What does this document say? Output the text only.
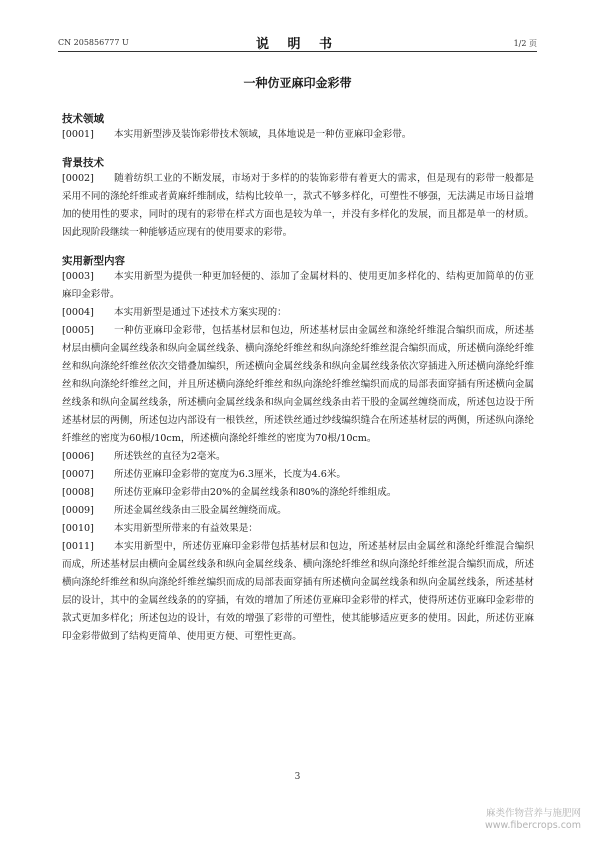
CN 205856777 U	说 明 书	1/2 页
一种仿亚麻印金彩带

技术领域

[0001] 本实用新型涉及装饰彩带技术领域，具体地说是一种仿亚麻印金彩带。

背景技术

[0002] 随着纺织工业的不断发展，市场对于多样的的装饰彩带有着更大的需求，但是现有的彩带一般都是采用不同的涤纶纤维或者黄麻纤维制成，结构比较单一，款式不够多样化，可塑性不够强，无法满足市场日益增加的使用性的要求，同时的现有的彩带在样式方面也是较为单一，并没有多样化的发展，而且都是单一的材质。因此现阶段继续一种能够适应现有的使用要求的彩带。

实用新型内容

[0003] 本实用新型为提供一种更加轻便的、添加了金属材料的、使用更加多样化的、结构更加简单的仿亚麻印金彩带。

[0004] 本实用新型是通过下述技术方案实现的：

[0005] 一种仿亚麻印金彩带，包括基材层和包边，所述基材层由金属丝和涤纶纤维混合编织而成，所述基材层由横向金属丝线条和纵向金属丝线条、横向涤纶纤维丝和纵向涤纶纤维丝混合编织而成，所述横向涤纶纤维丝和纵向涤纶纤维丝依次交错叠加编织，所述横向金属丝线条和纵向金属丝线条依次穿插进入所述横向涤纶纤维丝和纵向涤纶纤维丝之间，并且所述横向涤纶纤维丝和纵向涤纶纤维丝编织而成的局部表面穿插有所述横向金属丝线条和纵向金属丝线条，所述横向金属丝线条和纵向金属丝线条由若干股的金属丝缠绕而成，所述包边设于所述基材层的两侧，所述包边内部设有一根铁丝，所述铁丝通过纱线编织缝合在所述基材层的两侧，所述纵向涤纶纤维丝的密度为60根/10cm，所述横向涤纶纤维丝的密度为70根/10cm。

[0006] 所述铁丝的直径为2毫米。

[0007] 所述仿亚麻印金彩带的宽度为6.3厘米，长度为4.6米。

[0008] 所述仿亚麻印金彩带由20%的金属丝线条和80%的涤纶纤维组成。

[0009] 所述金属丝线条由三股金属丝缠绕而成。

[0010] 本实用新型所带来的有益效果是：

[0011] 本实用新型中，所述仿亚麻印金彩带包括基材层和包边，所述基材层由金属丝和涤纶纤维混合编织而成，所述基材层由横向金属丝线条和纵向金属丝线条、横向涤纶纤维丝和纵向涤纶纤维丝混合编织而成，所述横向涤纶纤维丝和纵向涤纶纤维丝编织而成的局部表面穿插有所述横向金属丝线条和纵向金属丝线条，所述基材层的设计，其中的金属丝线条的的穿插，有效的增加了所述仿亚麻印金彩带的样式，使得所述仿亚麻印金彩带的款式更加多样化；所述包边的设计，有效的增强了彩带的可塑性，使其能够适应更多的使用。因此，所述仿亚麻印金彩带做到了结构更简单、使用更方便、可塑性更高。

3
麻类作物营养与施肥网
www.fibercrops.com
